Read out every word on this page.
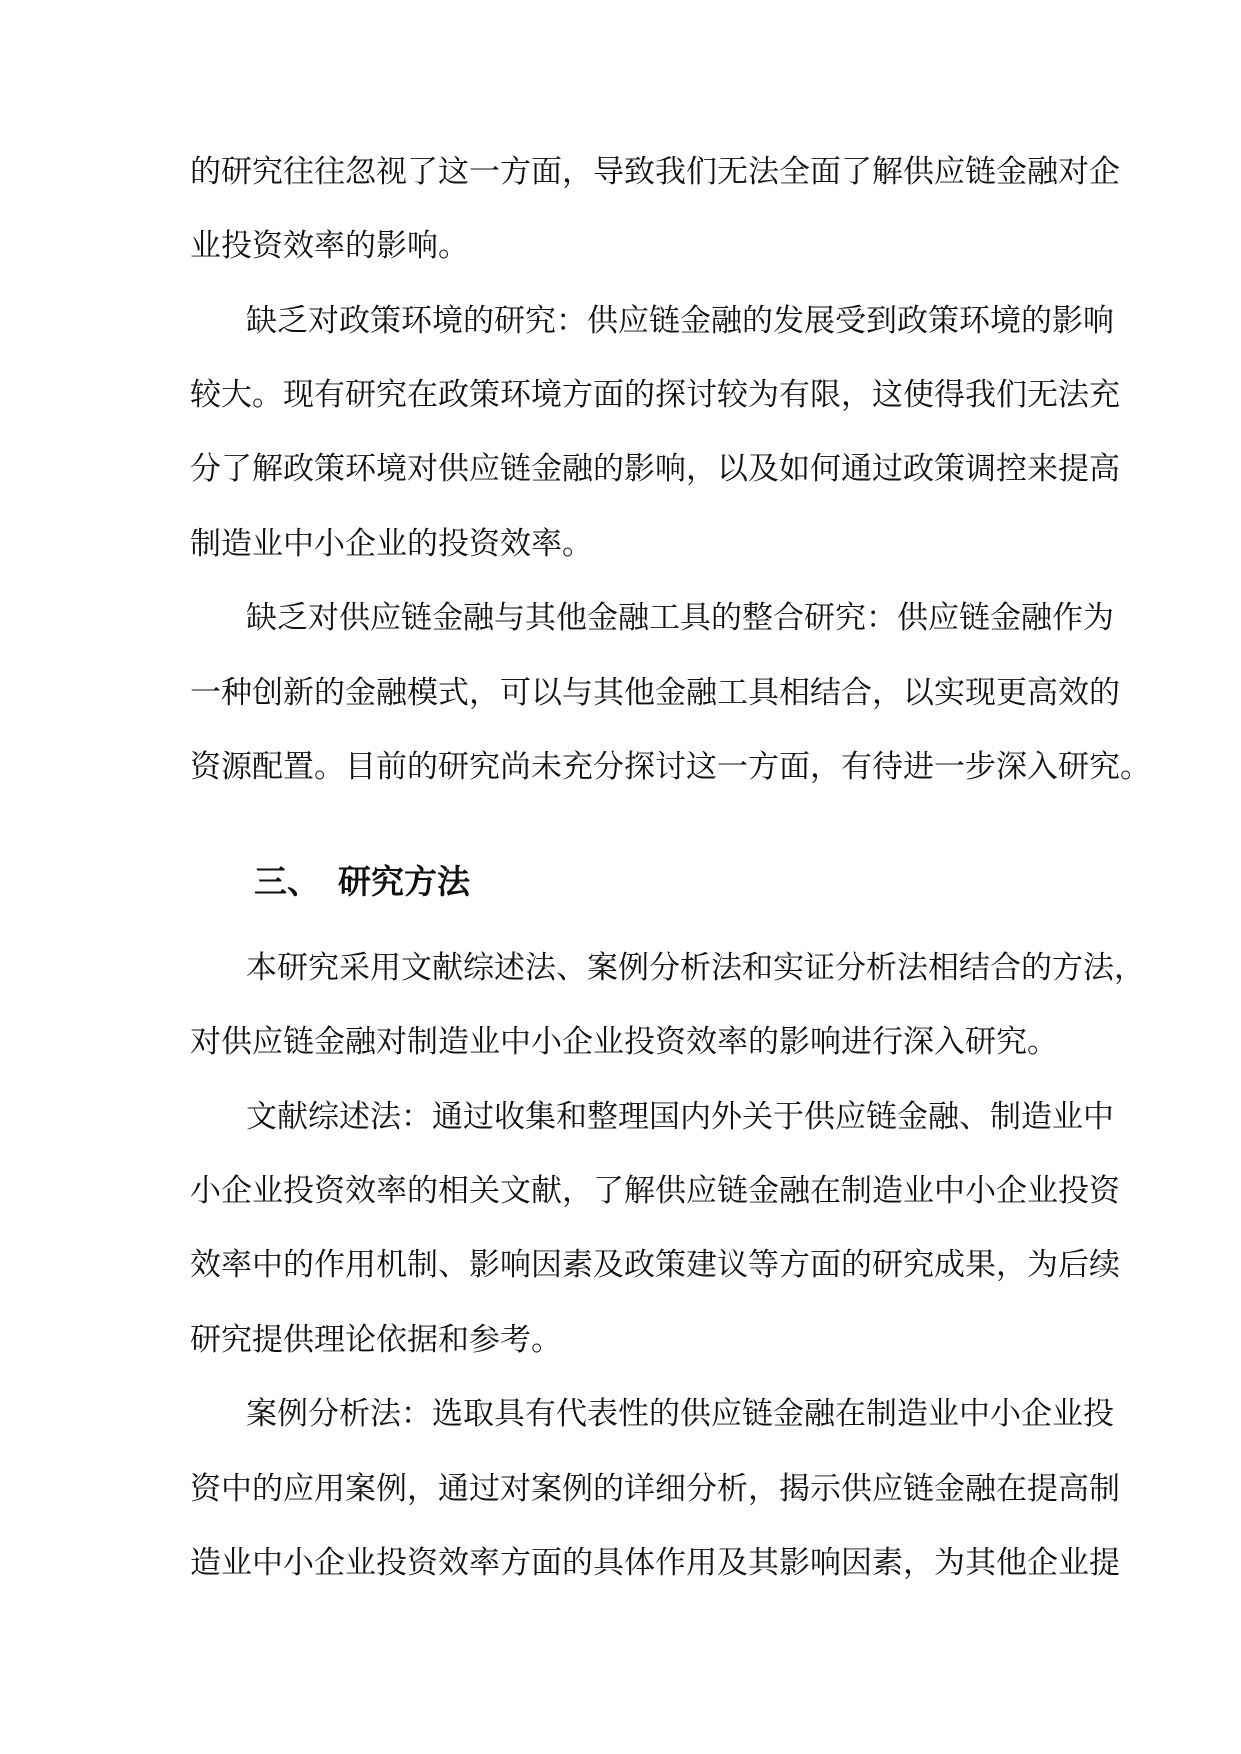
的研究往往忽视了这一方面，导致我们无法全面了解供应链金融对企
业投资效率的影响。
缺乏对政策环境的研究：供应链金融的发展受到政策环境的影响
较大。现有研究在政策环境方面的探讨较为有限，这使得我们无法充
分了解政策环境对供应链金融的影响，以及如何通过政策调控来提高
制造业中小企业的投资效率。
缺乏对供应链金融与其他金融工具的整合研究：供应链金融作为
一种创新的金融模式，可以与其他金融工具相结合，以实现更高效的
资源配置。目前的研究尚未充分探讨这一方面，有待进一步深入研究。
三、 研究方法
本研究采用文献综述法、案例分析法和实证分析法相结合的方法，
对供应链金融对制造业中小企业投资效率的影响进行深入研究。
文献综述法：通过收集和整理国内外关于供应链金融、制造业中
小企业投资效率的相关文献，了解供应链金融在制造业中小企业投资
效率中的作用机制、影响因素及政策建议等方面的研究成果，为后续
研究提供理论依据和参考。
案例分析法：选取具有代表性的供应链金融在制造业中小企业投
资中的应用案例，通过对案例的详细分析，揭示供应链金融在提高制
造业中小企业投资效率方面的具体作用及其影响因素，为其他企业提
